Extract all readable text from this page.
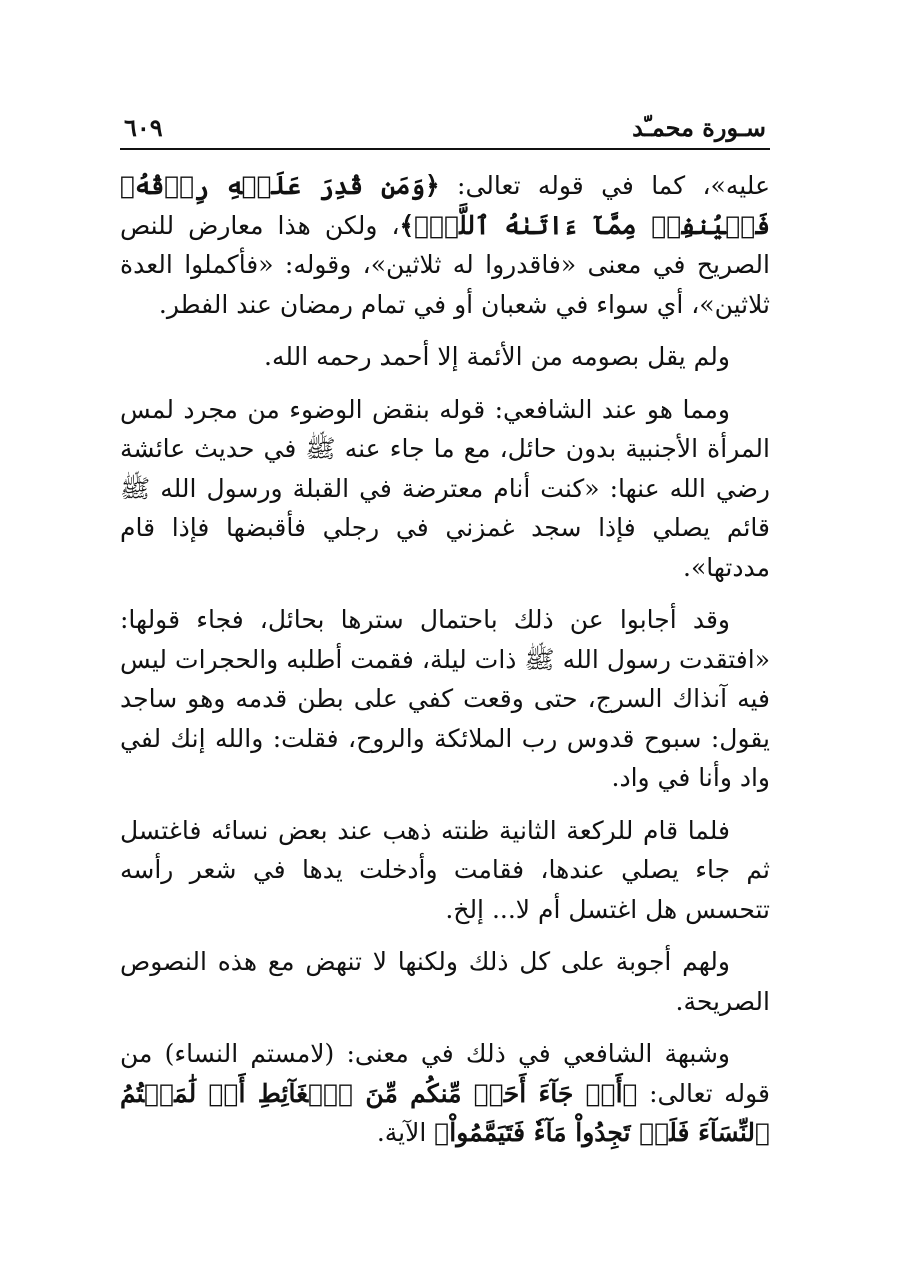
سـورة محمـّد
٦٠٩

عليه»، كما في قوله تعالى: ﴿وَمَن قُدِرَ عَلَيۡهِ رِزۡقُهُۥ فَلۡيُنفِقۡ مِمَّآ ءَاتَىٰهُ ٱللَّهُۚ﴾، ولكن هذا معارض للنص الصريح في معنى «فاقدروا له ثلاثين»، وقوله: «فأكملوا العدة ثلاثين»، أي سواء في شعبان أو في تمام رمضان عند الفطر.

ولم يقل بصومه من الأئمة إلا أحمد رحمه الله.

ومما هو عند الشافعي: قوله بنقض الوضوء من مجرد لمس المرأة الأجنبية بدون حائل، مع ما جاء عنه ﷺ في حديث عائشة رضي الله عنها: «كنت أنام معترضة في القبلة ورسول الله ﷺ قائم يصلي فإذا سجد غمزني في رجلي فأقبضها فإذا قام مددتها».

وقد أجابوا عن ذلك باحتمال سترها بحائل، فجاء قولها: «افتقدت رسول الله ﷺ ذات ليلة، فقمت أطلبه والحجرات ليس فيه آنذاك السرج، حتى وقعت كفي على بطن قدمه وهو ساجد يقول: سبوح قدوس رب الملائكة والروح، فقلت: والله إنك لفي واد وأنا في واد.

فلما قام للركعة الثانية ظنته ذهب عند بعض نسائه فاغتسل ثم جاء يصلي عندها، فقامت وأدخلت يدها في شعر رأسه تتحسس هل اغتسل أم لا... إلخ.

ولهم أجوبة على كل ذلك ولكنها لا تنهض مع هذه النصوص الصريحة.

وشبهة الشافعي في ذلك في معنى: (لامستم النساء) من قوله تعالى: ﴿أَوۡ جَآءَ أَحَدٞ مِّنكُم مِّنَ ٱلۡغَآئِطِ أَوۡ لَٰمَسۡتُمُ ٱلنِّسَآءَ فَلَمۡ تَجِدُواْ مَآءٗ فَتَيَمَّمُواْ﴾ الآية.
